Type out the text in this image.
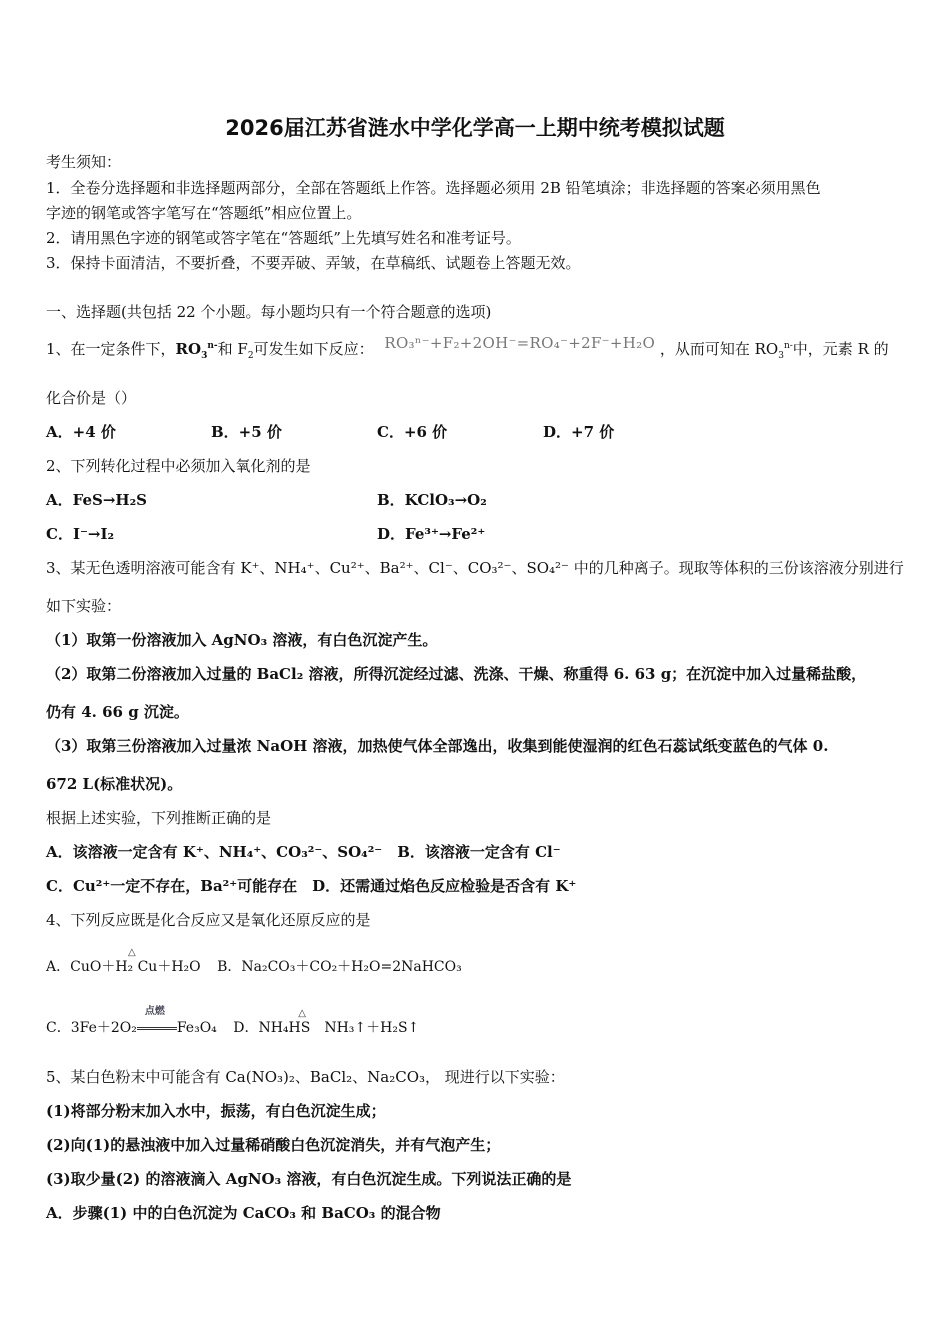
2026届江苏省涟水中学化学高一上期中统考模拟试题
考生须知：
1．全卷分选择题和非选择题两部分，全部在答题纸上作答。选择题必须用 2B 铅笔填涂；非选择题的答案必须用黑色
字迹的钢笔或答字笔写在“答题纸”相应位置上。
2．请用黑色字迹的钢笔或答字笔在“答题纸”上先填写姓名和准考证号。
3．保持卡面清洁，不要折叠，不要弄破、弄皱，在草稿纸、试题卷上答题无效。
一、选择题(共包括 22 个小题。每小题均只有一个符合题意的选项)
1、在一定条件下，$RO_3^{n-}$和 $F_2$可发生如下反应： RO₃ⁿ⁻+F₂+2OH⁻=RO₄⁻+2F⁻+H₂O ，从而可知在 $RO_3^{n-}$中，元素 R 的
化合价是（）
A．+4 价	B．+5 价	C．+6 价	D．+7 价
2、下列转化过程中必须加入氧化剂的是
A．FeS→H₂S	B．KClO₃→O₂
C．I⁻→I₂	D．Fe³⁺→Fe²⁺
3、某无色透明溶液可能含有 K⁺、NH₄⁺、Cu²⁺、Ba²⁺、Cl⁻、CO₃²⁻、SO₄²⁻ 中的几种离子。现取等体积的三份该溶液分别进行
如下实验：
（1）取第一份溶液加入 AgNO₃ 溶液，有白色沉淀产生。
（2）取第二份溶液加入过量的 BaCl₂ 溶液，所得沉淀经过滤、洗涤、干燥、称重得 6. 63 g；在沉淀中加入过量稀盐酸，
仍有 4. 66 g 沉淀。
（3）取第三份溶液加入过量浓 NaOH 溶液，加热使气体全部逸出，收集到能使湿润的红色石蕊试纸变蓝色的气体 0.
672 L(标准状况)。
根据上述实验，下列推断正确的是
A．该溶液一定含有 K⁺、NH₄⁺、CO₃²⁻、SO₄²⁻　B．该溶液一定含有 Cl⁻
C．Cu²⁺一定不存在，Ba²⁺可能存在　D．还需通过焰色反应检验是否含有 K⁺
4、下列反应既是化合反应又是氧化还原反应的是
△
A．CuO＋H₂ Cu＋H₂O B．Na₂CO₃＋CO₂＋H₂O=2NaHCO₃
C．3Fe＋2O₂
点燃
Fe₃O₄
△
D．NH₄HS　NH₃↑＋H₂S↑
5、某白色粉末中可能含有 Ca(NO₃)₂、BaCl₂、Na₂CO₃， 现进行以下实验：
(1)将部分粉末加入水中，振荡，有白色沉淀生成；
(2)向(1)的悬浊液中加入过量稀硝酸白色沉淀消失，并有气泡产生；
(3)取少量(2) 的溶液滴入 AgNO₃ 溶液，有白色沉淀生成。下列说法正确的是
A．步骤(1) 中的白色沉淀为 CaCO₃ 和 BaCO₃ 的混合物
